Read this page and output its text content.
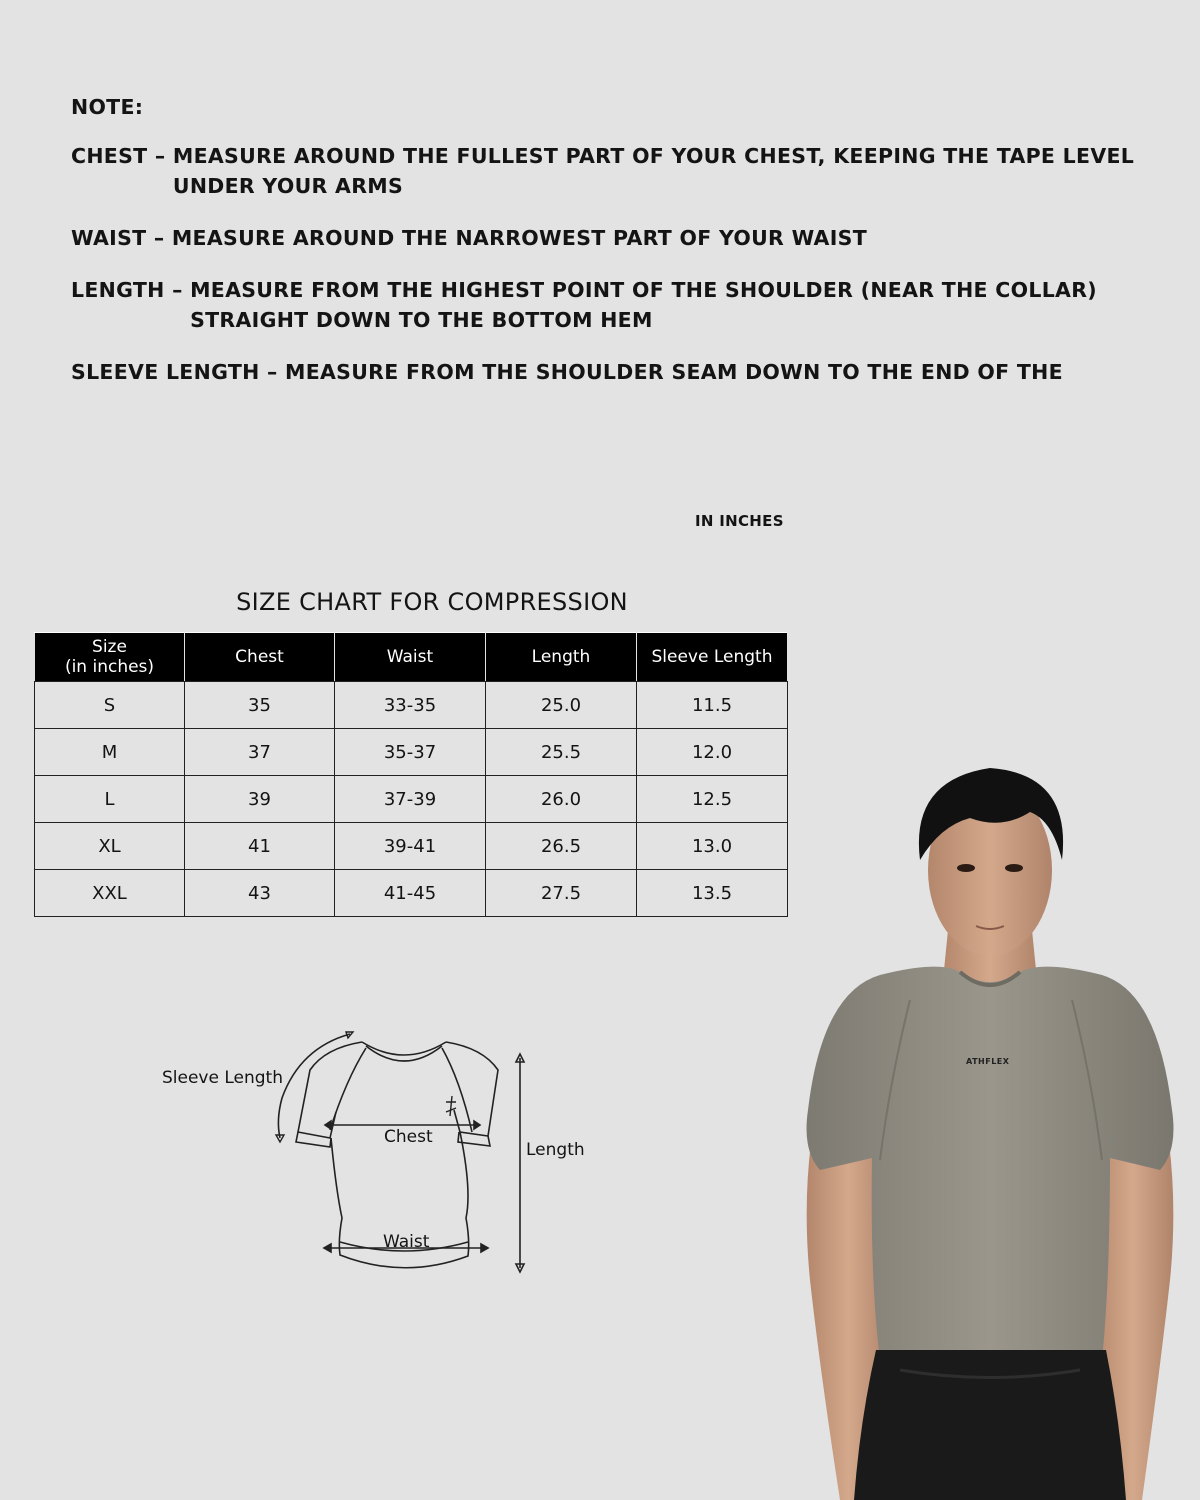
NOTE:
CHEST – MEASURE AROUND THE FULLEST PART OF YOUR CHEST, KEEPING THE TAPE LEVEL UNDER YOUR ARMS
WAIST – MEASURE AROUND THE NARROWEST PART OF YOUR WAIST
LENGTH – MEASURE FROM THE HIGHEST POINT OF THE SHOULDER (NEAR THE COLLAR) STRAIGHT DOWN TO THE BOTTOM HEM
SLEEVE LENGTH – MEASURE FROM THE SHOULDER SEAM DOWN TO THE END OF THE
IN INCHES
SIZE CHART FOR COMPRESSION
Size
(in inches)	Chest	Waist	Length	Sleeve Length
S	35	33-35	25.0	11.5
M	37	35-37	25.5	12.0
L	39	37-39	26.0	12.5
XL	41	39-41	26.5	13.0
XXL	43	41-45	27.5	13.5
Sleeve Length
Chest
Length
Waist
ATHFLEX
